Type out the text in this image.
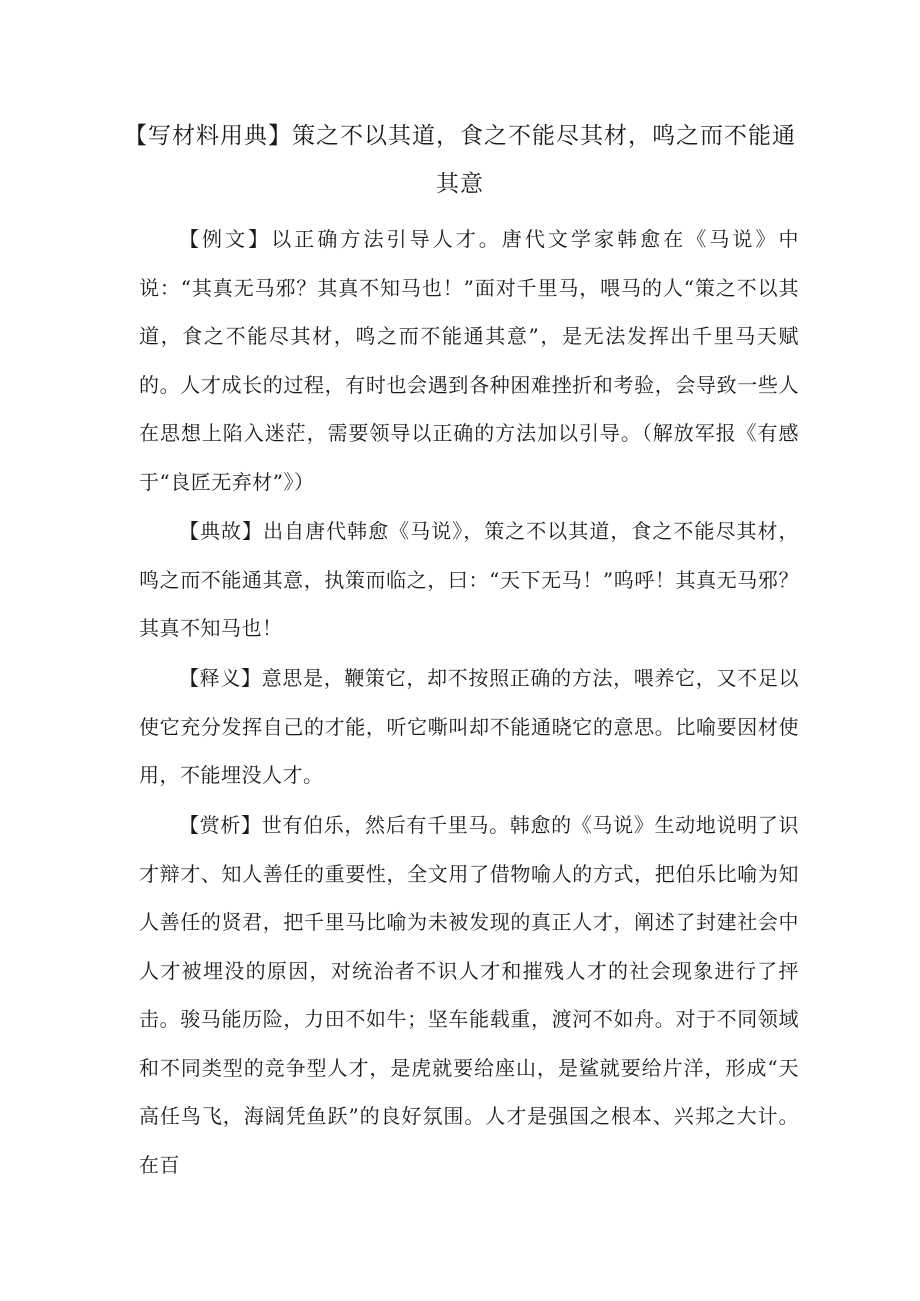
【写材料用典】策之不以其道，食之不能尽其材，鸣之而不能通其意
【例文】以正确方法引导人才。唐代文学家韩愈在《马说》中说：“其真无马邪？其真不知马也！”面对千里马，喂马的人“策之不以其道，食之不能尽其材，鸣之而不能通其意”，是无法发挥出千里马天赋的。人才成长的过程，有时也会遇到各种困难挫折和考验，会导致一些人在思想上陷入迷茫，需要领导以正确的方法加以引导。（解放军报《有感于“良匠无弃材”》）
【典故】出自唐代韩愈《马说》，策之不以其道，食之不能尽其材，鸣之而不能通其意，执策而临之，曰：“天下无马！”呜呼！其真无马邪？其真不知马也！
【释义】意思是，鞭策它，却不按照正确的方法，喂养它，又不足以使它充分发挥自己的才能，听它嘶叫却不能通晓它的意思。比喻要因材使用，不能埋没人才。
【赏析】世有伯乐，然后有千里马。韩愈的《马说》生动地说明了识才辩才、知人善任的重要性，全文用了借物喻人的方式，把伯乐比喻为知人善任的贤君，把千里马比喻为未被发现的真正人才，阐述了封建社会中人才被埋没的原因，对统治者不识人才和摧残人才的社会现象进行了抨击。骏马能历险，力田不如牛；坚车能载重，渡河不如舟。对于不同领域和不同类型的竞争型人才，是虎就要给座山，是鲨就要给片洋，形成“天高任鸟飞，海阔凭鱼跃”的良好氛围。人才是强国之根本、兴邦之大计。在百
